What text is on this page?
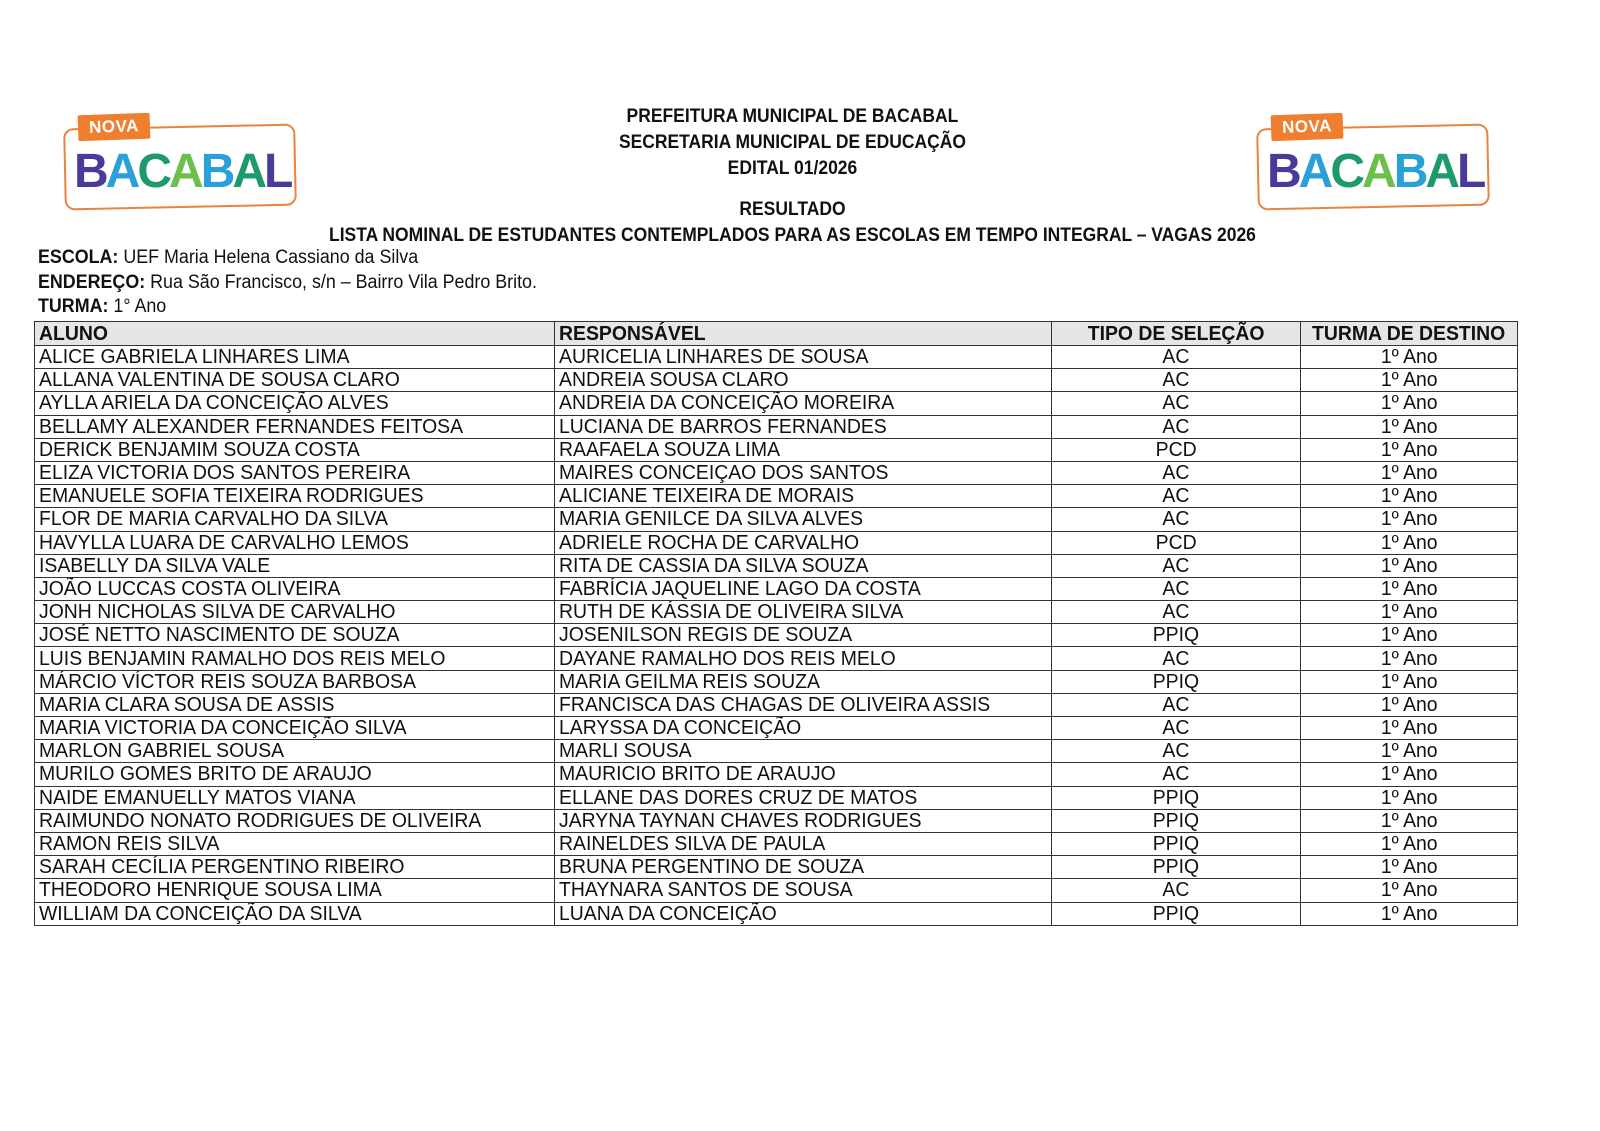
NOVA
B A C A B A L
NOVA
B A C A B A L
PREFEITURA MUNICIPAL DE BACABAL
SECRETARIA MUNICIPAL DE EDUCAÇÃO
EDITAL 01/2026
RESULTADO
LISTA NOMINAL DE ESTUDANTES CONTEMPLADOS PARA AS ESCOLAS EM TEMPO INTEGRAL – VAGAS 2026
ESCOLA: UEF Maria Helena Cassiano da Silva
ENDEREÇO: Rua São Francisco, s/n – Bairro Vila Pedro Brito.
TURMA: 1° Ano
ALUNO	RESPONSÁVEL	TIPO DE SELEÇÃO	TURMA DE DESTINO
ALICE GABRIELA LINHARES LIMA	AURICELIA LINHARES DE SOUSA	AC	1º Ano
ALLANA VALENTINA DE SOUSA CLARO	ANDREIA SOUSA CLARO	AC	1º Ano
AYLLA ARIELA DA CONCEIÇÃO ALVES	ANDREIA DA CONCEIÇÃO MOREIRA	AC	1º Ano
BELLAMY ALEXANDER FERNANDES FEITOSA	LUCIANA DE BARROS FERNANDES	AC	1º Ano
DERICK BENJAMIM SOUZA COSTA	RAAFAELA SOUZA LIMA	PCD	1º Ano
ELIZA VICTORIA DOS SANTOS PEREIRA	MAIRES CONCEIÇAO DOS SANTOS	AC	1º Ano
EMANUELE SOFIA TEIXEIRA RODRIGUES	ALICIANE TEIXEIRA DE MORAIS	AC	1º Ano
FLOR DE MARIA CARVALHO DA SILVA	MARIA GENILCE DA SILVA ALVES	AC	1º Ano
HAVYLLA LUARA DE CARVALHO LEMOS	ADRIELE ROCHA DE CARVALHO	PCD	1º Ano
ISABELLY DA SILVA VALE	RITA DE CASSIA DA SILVA SOUZA	AC	1º Ano
JOÃO LUCCAS COSTA OLIVEIRA	FABRÍCIA JAQUELINE LAGO DA COSTA	AC	1º Ano
JONH NICHOLAS SILVA DE CARVALHO	RUTH DE KÁSSIA DE OLIVEIRA SILVA	AC	1º Ano
JOSÉ NETTO NASCIMENTO DE SOUZA	JOSENILSON REGIS DE SOUZA	PPIQ	1º Ano
LUIS BENJAMIN RAMALHO DOS REIS MELO	DAYANE RAMALHO DOS REIS MELO	AC	1º Ano
MÁRCIO VÍCTOR REIS SOUZA BARBOSA	MARIA GEILMA REIS SOUZA	PPIQ	1º Ano
MARIA CLARA SOUSA DE ASSIS	FRANCISCA DAS CHAGAS DE OLIVEIRA ASSIS	AC	1º Ano
MARIA VICTORIA DA CONCEIÇÃO SILVA	LARYSSA DA CONCEIÇÃO	AC	1º Ano
MARLON GABRIEL SOUSA	MARLI SOUSA	AC	1º Ano
MURILO GOMES BRITO DE ARAUJO	MAURICIO BRITO DE ARAUJO	AC	1º Ano
NAIDE EMANUELLY MATOS VIANA	ELLANE DAS DORES CRUZ DE MATOS	PPIQ	1º Ano
RAIMUNDO NONATO RODRIGUES DE OLIVEIRA	JARYNA TAYNAN CHAVES RODRIGUES	PPIQ	1º Ano
RAMON REIS SILVA	RAINELDES SILVA DE PAULA	PPIQ	1º Ano
SARAH CECÍLIA PERGENTINO RIBEIRO	BRUNA PERGENTINO DE SOUZA	PPIQ	1º Ano
THEODORO HENRIQUE SOUSA LIMA	THAYNARA SANTOS DE SOUSA	AC	1º Ano
WILLIAM DA CONCEIÇÃO DA SILVA	LUANA DA CONCEIÇÃO	PPIQ	1º Ano
